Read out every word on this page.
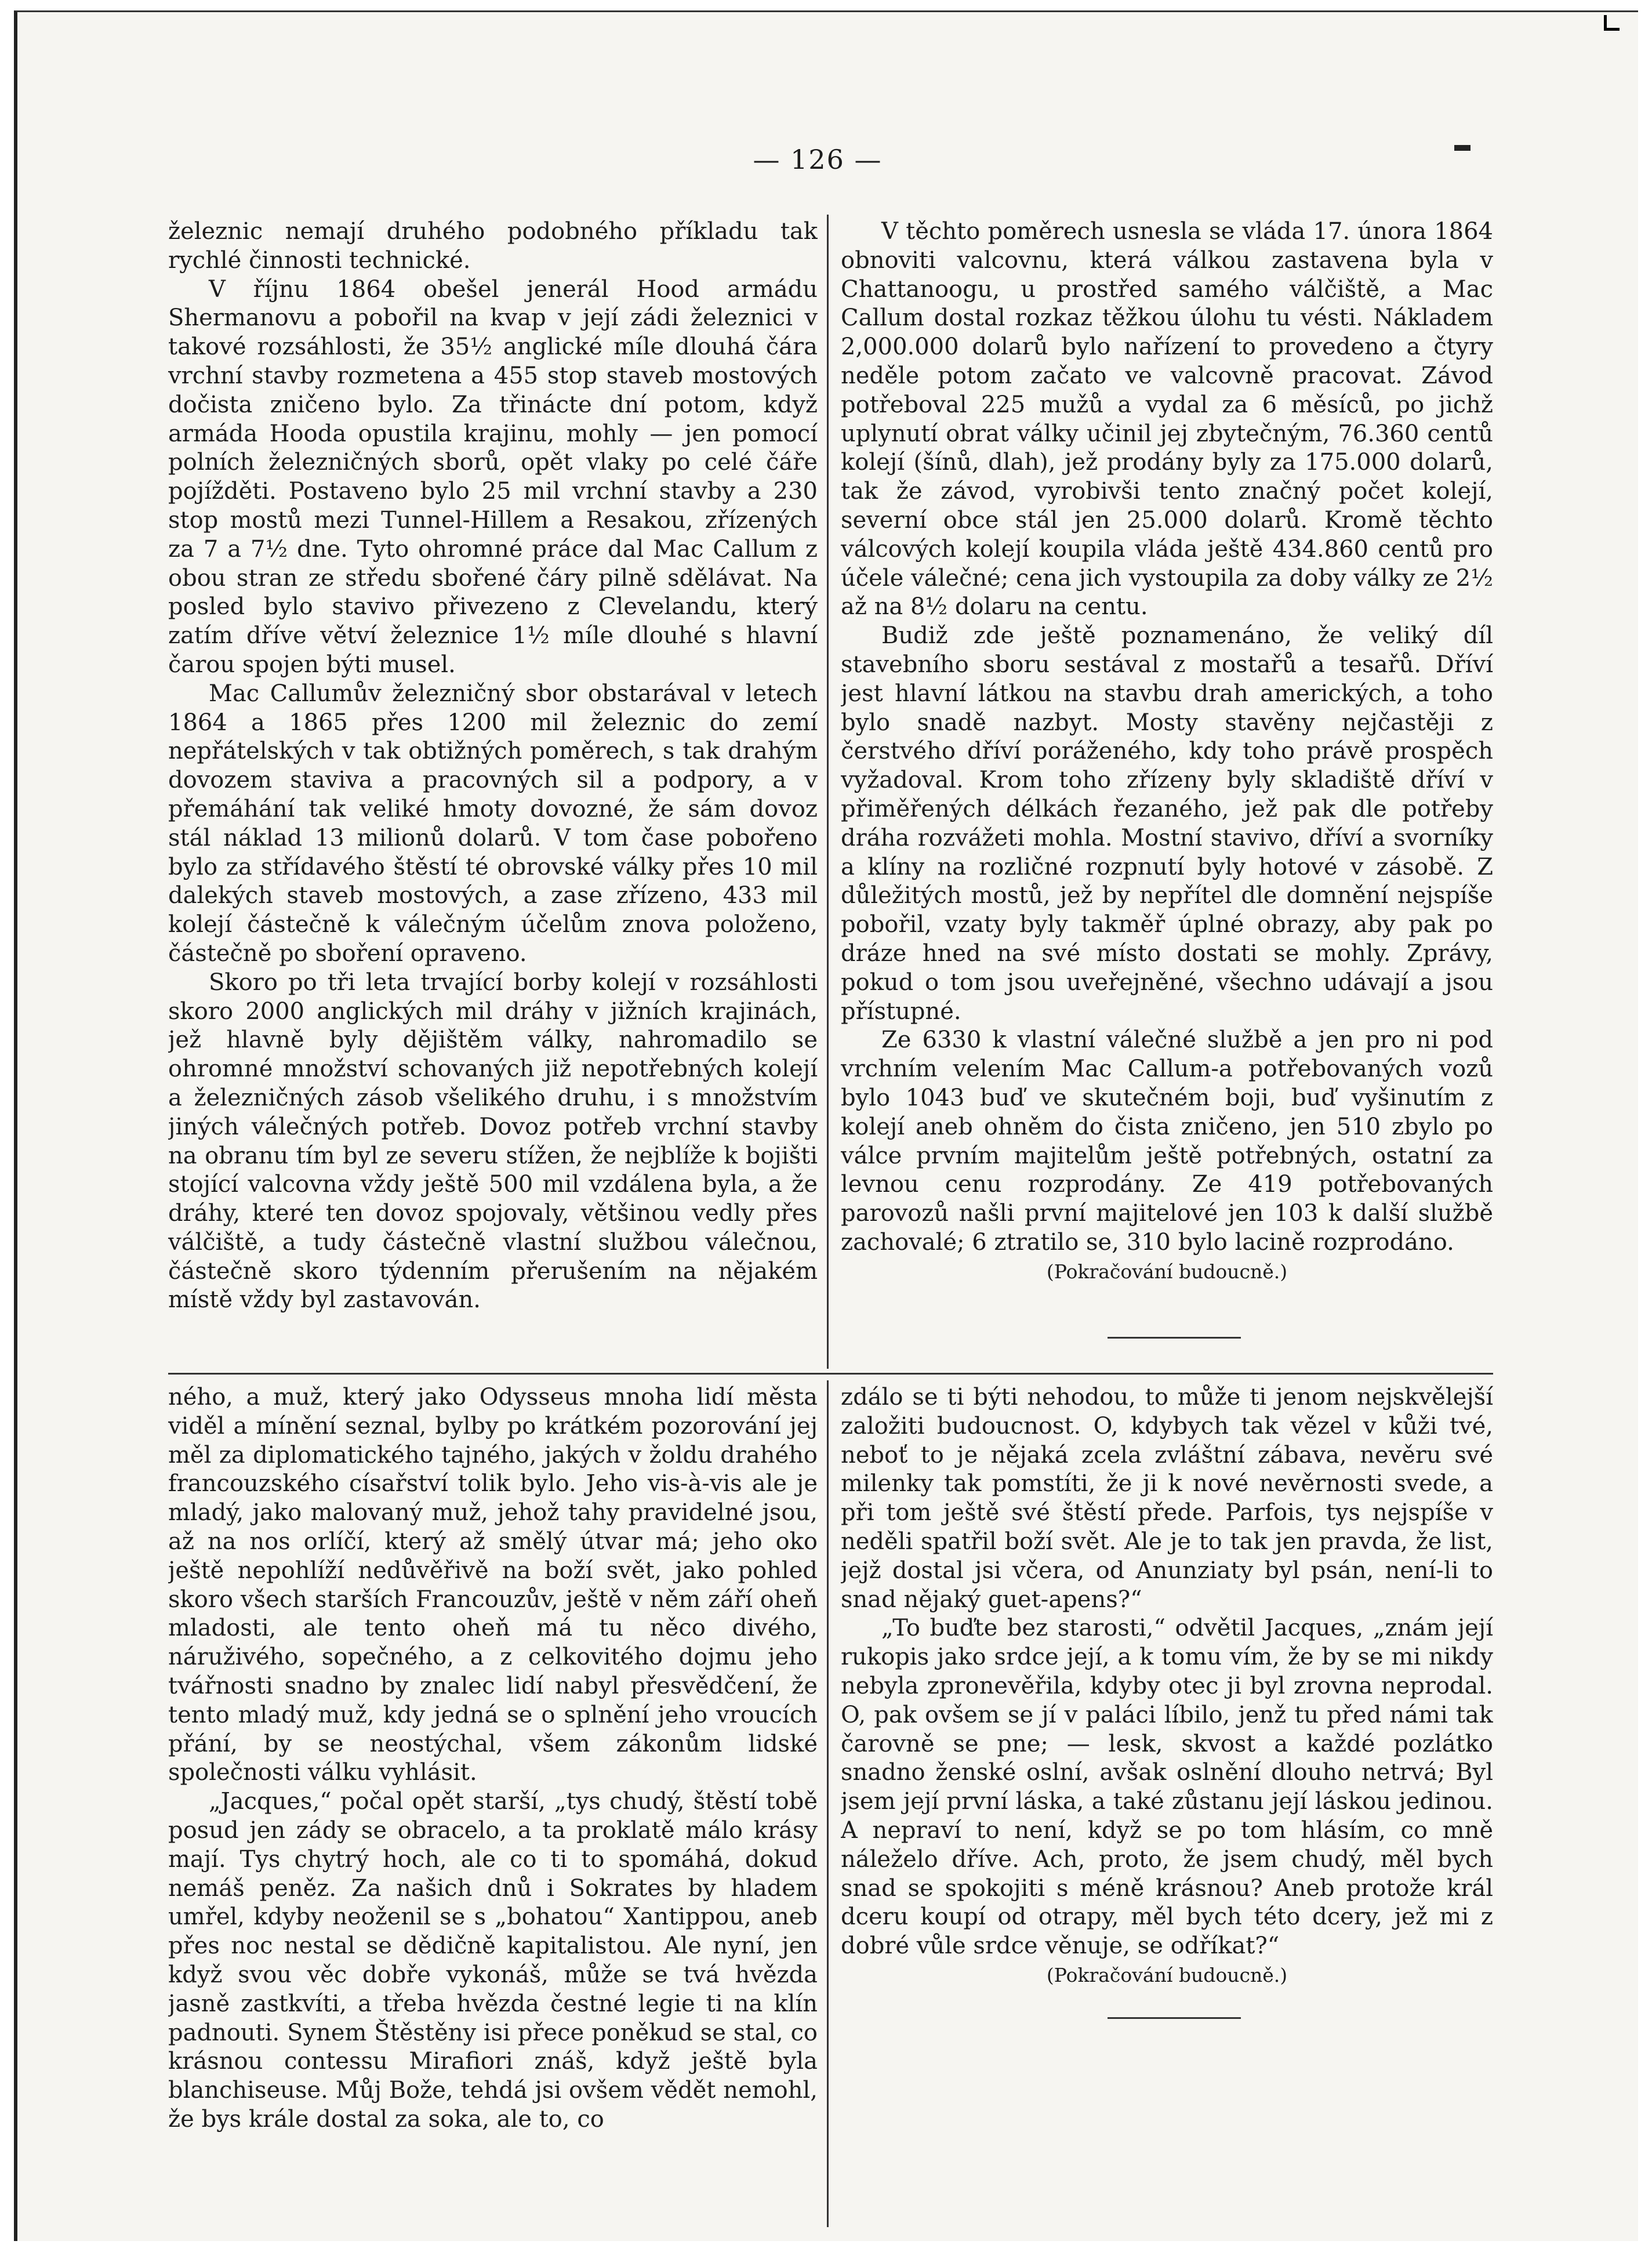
— 126 —

železnic nemají druhého podobného příkladu tak rychlé činnosti technické.

V říjnu 1864 obešel jenerál Hood armádu Shermanovu a pobořil na kvap v její zádi železnici v takové rozsáhlosti, že 35½ anglické míle dlouhá čára vrchní stavby rozmetena a 455 stop staveb mostových dočista zničeno bylo. Za třinácte dní potom, když armáda Hooda opustila krajinu, mohly — jen pomocí polních železničných sborů, opět vlaky po celé čáře pojížděti. Postaveno bylo 25 mil vrchní stavby a 230 stop mostů mezi Tunnel-Hillem a Resakou, zřízených za 7 a 7½ dne. Tyto ohromné práce dal Mac Callum z obou stran ze středu sbořené čáry pilně sdělávat. Na posled bylo stavivo přivezeno z Clevelandu, který zatím dříve větví železnice 1½ míle dlouhé s hlavní čarou spojen býti musel.

Mac Callumův železničný sbor obstarával v letech 1864 a 1865 přes 1200 mil železnic do zemí nepřátelských v tak obtižných poměrech, s tak drahým dovozem staviva a pracovných sil a podpory, a v přemáhání tak veliké hmoty dovozné, že sám dovoz stál náklad 13 milionů dolarů. V tom čase pobořeno bylo za střídavého štěstí té obrovské války přes 10 mil dalekých staveb mostových, a zase zřízeno, 433 mil kolejí částečně k válečným účelům znova položeno, částečně po sboření opraveno.

Skoro po tři leta trvající borby kolejí v rozsáhlosti skoro 2000 anglických mil dráhy v jižních krajinách, jež hlavně byly dějištěm války, nahromadilo se ohromné množství schovaných již nepotřebných kolejí a železničných zásob všelikého druhu, i s množstvím jiných válečných potřeb. Dovoz potřeb vrchní stavby na obranu tím byl ze severu stížen, že nejblíže k bojišti stojící valcovna vždy ještě 500 mil vzdálena byla, a že dráhy, které ten dovoz spojovaly, většinou vedly přes válčiště, a tudy částečně vlastní službou válečnou, částečně skoro týdenním přerušením na nějakém místě vždy byl zastavován.

V těchto poměrech usnesla se vláda 17. února 1864 obnoviti valcovnu, která válkou zastavena byla v Chattanoogu, u prostřed samého válčiště, a Mac Callum dostal rozkaz těžkou úlohu tu vésti. Nákladem 2,000.000 dolarů bylo nařízení to provedeno a čtyry neděle potom začato ve valcovně pracovat. Závod potřeboval 225 mužů a vydal za 6 měsíců, po jichž uplynutí obrat války učinil jej zbytečným, 76.360 centů kolejí (šínů, dlah), jež prodány byly za 175.000 dolarů, tak že závod, vyrobivši tento značný počet kolejí, severní obce stál jen 25.000 dolarů. Kromě těchto válcových kolejí koupila vláda ještě 434.860 centů pro účele válečné; cena jich vystoupila za doby války ze 2½ až na 8½ dolaru na centu.

Budiž zde ještě poznamenáno, že veliký díl stavebního sboru sestával z mostařů a tesařů. Dříví jest hlavní látkou na stavbu drah amerických, a toho bylo snadě nazbyt. Mosty stavěny nejčastěji z čerstvého dříví poráženého, kdy toho právě prospěch vyžadoval. Krom toho zřízeny byly skladiště dříví v přiměřených délkách řezaného, jež pak dle potřeby dráha rozvážeti mohla. Mostní stavivo, dříví a svorníky a klíny na rozličné rozpnutí byly hotové v zásobě. Z důležitých mostů, jež by nepřítel dle domnění nejspíše pobořil, vzaty byly takměř úplné obrazy, aby pak po dráze hned na své místo dostati se mohly. Zprávy, pokud o tom jsou uveřejněné, všechno udávají a jsou přístupné.

Ze 6330 k vlastní válečné službě a jen pro ni pod vrchním velením Mac Callum-a potřebovaných vozů bylo 1043 buď ve skutečném boji, buď vyšinutím z kolejí aneb ohněm do čista zničeno, jen 510 zbylo po válce prvním majitelům ještě potřebných, ostatní za levnou cenu rozprodány. Ze 419 potřebovaných parovozů našli první majitelové jen 103 k další službě zachovalé; 6 ztratilo se, 310 bylo lacině rozprodáno.

(Pokračování budoucně.)

ného, a muž, který jako Odysseus mnoha lidí města viděl a mínění seznal, bylby po krátkém pozorování jej měl za diplomatického tajného, jakých v žoldu drahého francouzského císařství tolik bylo. Jeho vis-à-vis ale je mladý, jako malovaný muž, jehož tahy pravidelné jsou, až na nos orlíčí, který až smělý útvar má; jeho oko ještě nepohlíží nedůvěřivě na boží svět, jako pohled skoro všech starších Francouzův, ještě v něm září oheň mladosti, ale tento oheň má tu něco divého, náruživého, sopečného, a z celkovitého dojmu jeho tvářnosti snadno by znalec lidí nabyl přesvědčení, že tento mladý muž, kdy jedná se o splnění jeho vroucích přání, by se neostýchal, všem zákonům lidské společnosti válku vyhlásit.

„Jacques,“ počal opět starší, „tys chudý, štěstí tobě posud jen zády se obracelo, a ta proklatě málo krásy mají. Tys chytrý hoch, ale co ti to spomáhá, dokud nemáš peněz. Za našich dnů i Sokrates by hladem umřel, kdyby neoženil se s „bohatou“ Xantippou, aneb přes noc nestal se dědičně kapitalistou. Ale nyní, jen když svou věc dobře vykonáš, může se tvá hvězda jasně zastkvíti, a třeba hvězda čestné legie ti na klín padnouti. Synem Štěstěny isi přece poněkud se stal, co krásnou contessu Mirafiori znáš, když ještě byla blanchiseuse. Můj Bože, tehdá jsi ovšem vědět nemohl, že bys krále dostal za soka, ale to, co

zdálo se ti býti nehodou, to může ti jenom nejskvělejší založiti budoucnost. O, kdybych tak vězel v kůži tvé, neboť to je nějaká zcela zvláštní zábava, nevěru své milenky tak pomstíti, že ji k nové nevěrnosti svede, a při tom ještě své štěstí přede. Parfois, tys nejspíše v neděli spatřil boží svět. Ale je to tak jen pravda, že list, jejž dostal jsi včera, od Anunziaty byl psán, není-li to snad nějaký guet-apens?“

„To buďte bez starosti,“ odvětil Jacques, „znám její rukopis jako srdce její, a k tomu vím, že by se mi nikdy nebyla zpronevěřila, kdyby otec ji byl zrovna neprodal. O, pak ovšem se jí v paláci líbilo, jenž tu před námi tak čarovně se pne; — lesk, skvost a každé pozlátko snadno ženské oslní, avšak oslnění dlouho netrvá; Byl jsem její první láska, a také zůstanu její láskou jedinou. A nepraví to není, když se po tom hlásím, co mně náleželo dříve. Ach, proto, že jsem chudý, měl bych snad se spokojiti s méně krásnou? Aneb protože král dceru koupí od otrapy, měl bych této dcery, jež mi z dobré vůle srdce věnuje, se odříkat?“

(Pokračování budoucně.)
